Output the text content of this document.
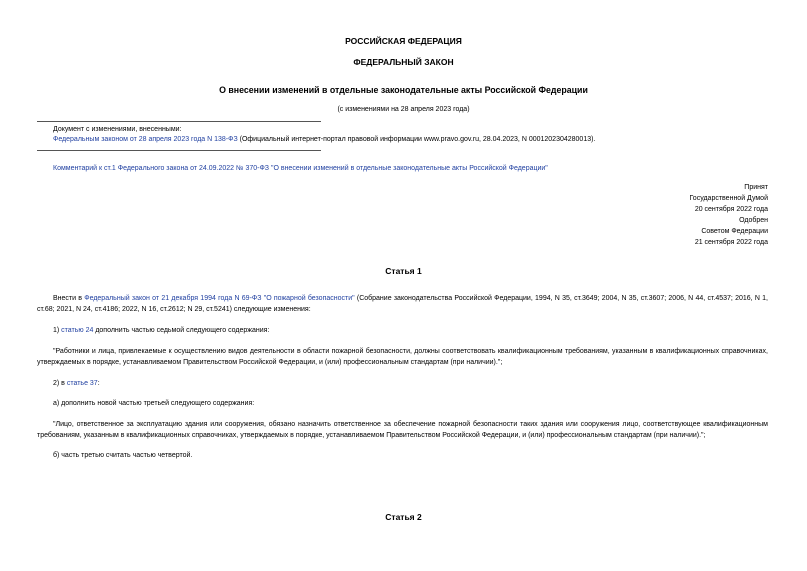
РОССИЙСКАЯ ФЕДЕРАЦИЯ
ФЕДЕРАЛЬНЫЙ ЗАКОН
О внесении изменений в отдельные законодательные акты Российской Федерации
(с изменениями на 28 апреля 2023 года)
Документ с изменениями, внесенными:
Федеральным законом от 28 апреля 2023 года N 138-ФЗ (Официальный интернет-портал правовой информации www.pravo.gov.ru, 28.04.2023, N 0001202304280013).
Комментарий к ст.1 Федерального закона от 24.09.2022 № 370-ФЗ "О внесении изменений в отдельные законодательные акты Российской Федерации"
Принят
Государственной Думой
20 сентября 2022 года
Одобрен
Советом Федерации
21 сентября 2022 года
Статья 1
Внести в Федеральный закон от 21 декабря 1994 года N 69-ФЗ "О пожарной безопасности" (Собрание законодательства Российской Федерации, 1994, N 35, ст.3649; 2004, N 35, ст.3607; 2006, N 44, ст.4537; 2016, N 1, ст.68; 2021, N 24, ст.4186; 2022, N 16, ст.2612; N 29, ст.5241) следующие изменения:
1) статью 24 дополнить частью седьмой следующего содержания:
"Работники и лица, привлекаемые к осуществлению видов деятельности в области пожарной безопасности, должны соответствовать квалификационным требованиям, указанным в квалификационных справочниках, утверждаемых в порядке, устанавливаемом Правительством Российской Федерации, и (или) профессиональным стандартам (при наличии).";
2) в статье 37:
а) дополнить новой частью третьей следующего содержания:
"Лицо, ответственное за эксплуатацию здания или сооружения, обязано назначить ответственное за обеспечение пожарной безопасности таких здания или сооружения лицо, соответствующее квалификационным требованиям, указанным в квалификационных справочниках, утверждаемых в порядке, устанавливаемом Правительством Российской Федерации, и (или) профессиональным стандартам (при наличии).";
б) часть третью считать частью четвертой.
Статья 2
